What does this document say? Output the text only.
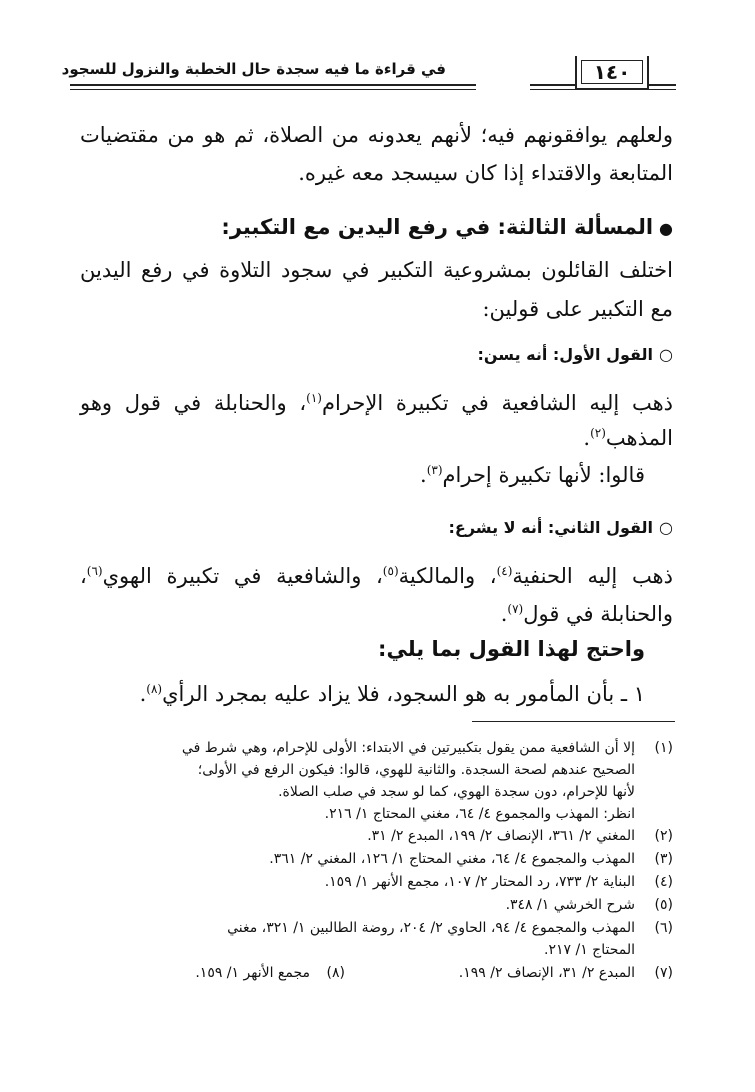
في قراءة ما فيه سجدة حال الخطبة والنزول للسجود	١٤٠
ولعلهم يوافقونهم فيه؛ لأنهم يعدونه من الصلاة، ثم هو من مقتضيات
المتابعة والاقتداء إذا كان سيسجد معه غيره.
●المسألة الثالثة: في رفع اليدين مع التكبير:
اختلف القائلون بمشروعية التكبير في سجود التلاوة في رفع اليدين
مع التكبير على قولين:
○القول الأول: أنه يسن:
ذهب إليه الشافعية في تكبيرة الإحرام$^{(١)}$، والحنابلة في قول وهو
المذهب$^{(٢)}$.
قالوا: لأنها تكبيرة إحرام$^{(٣)}$.
○القول الثاني: أنه لا يشرع:
ذهب إليه الحنفية$^{(٤)}$، والمالكية$^{(٥)}$، والشافعية في تكبيرة الهوي$^{(٦)}$،
والحنابلة في قول$^{(٧)}$.
واحتج لهذا القول بما يلي:
١ ـ بأن المأمور به هو السجود، فلا يزاد عليه بمجرد الرأي$^{(٨)}$.
(١)
إلا أن الشافعية ممن يقول بتكبيرتين في الابتداء: الأولى للإحرام، وهي شرط في
الصحيح عندهم لصحة السجدة. والثانية للهوي، قالوا: فيكون الرفع في الأولى؛
لأنها للإحرام، دون سجدة الهوي، كما لو سجد في صلب الصلاة.
انظر: المهذب والمجموع ٤/ ٦٤، مغني المحتاج ١/ ٢١٦.
(٢)
المغني ٢/ ٣٦١، الإنصاف ٢/ ١٩٩، المبدع ٢/ ٣١.
(٣)
المهذب والمجموع ٤/ ٦٤، مغني المحتاج ١/ ١٢٦، المغني ٢/ ٣٦١.
(٤)
البناية ٢/ ٧٣٣، رد المحتار ٢/ ١٠٧، مجمع الأنهر ١/ ١٥٩.
(٥)
شرح الخرشي ١/ ٣٤٨.
(٦)
المهذب والمجموع ٤/ ٩٤، الحاوي ٢/ ٢٠٤، روضة الطالبين ١/ ٣٢١، مغني
المحتاج ١/ ٢١٧.
(٧)
المبدع ٢/ ٣١، الإنصاف ٢/ ١٩٩.
(٨)
مجمع الأنهر ١/ ١٥٩.
